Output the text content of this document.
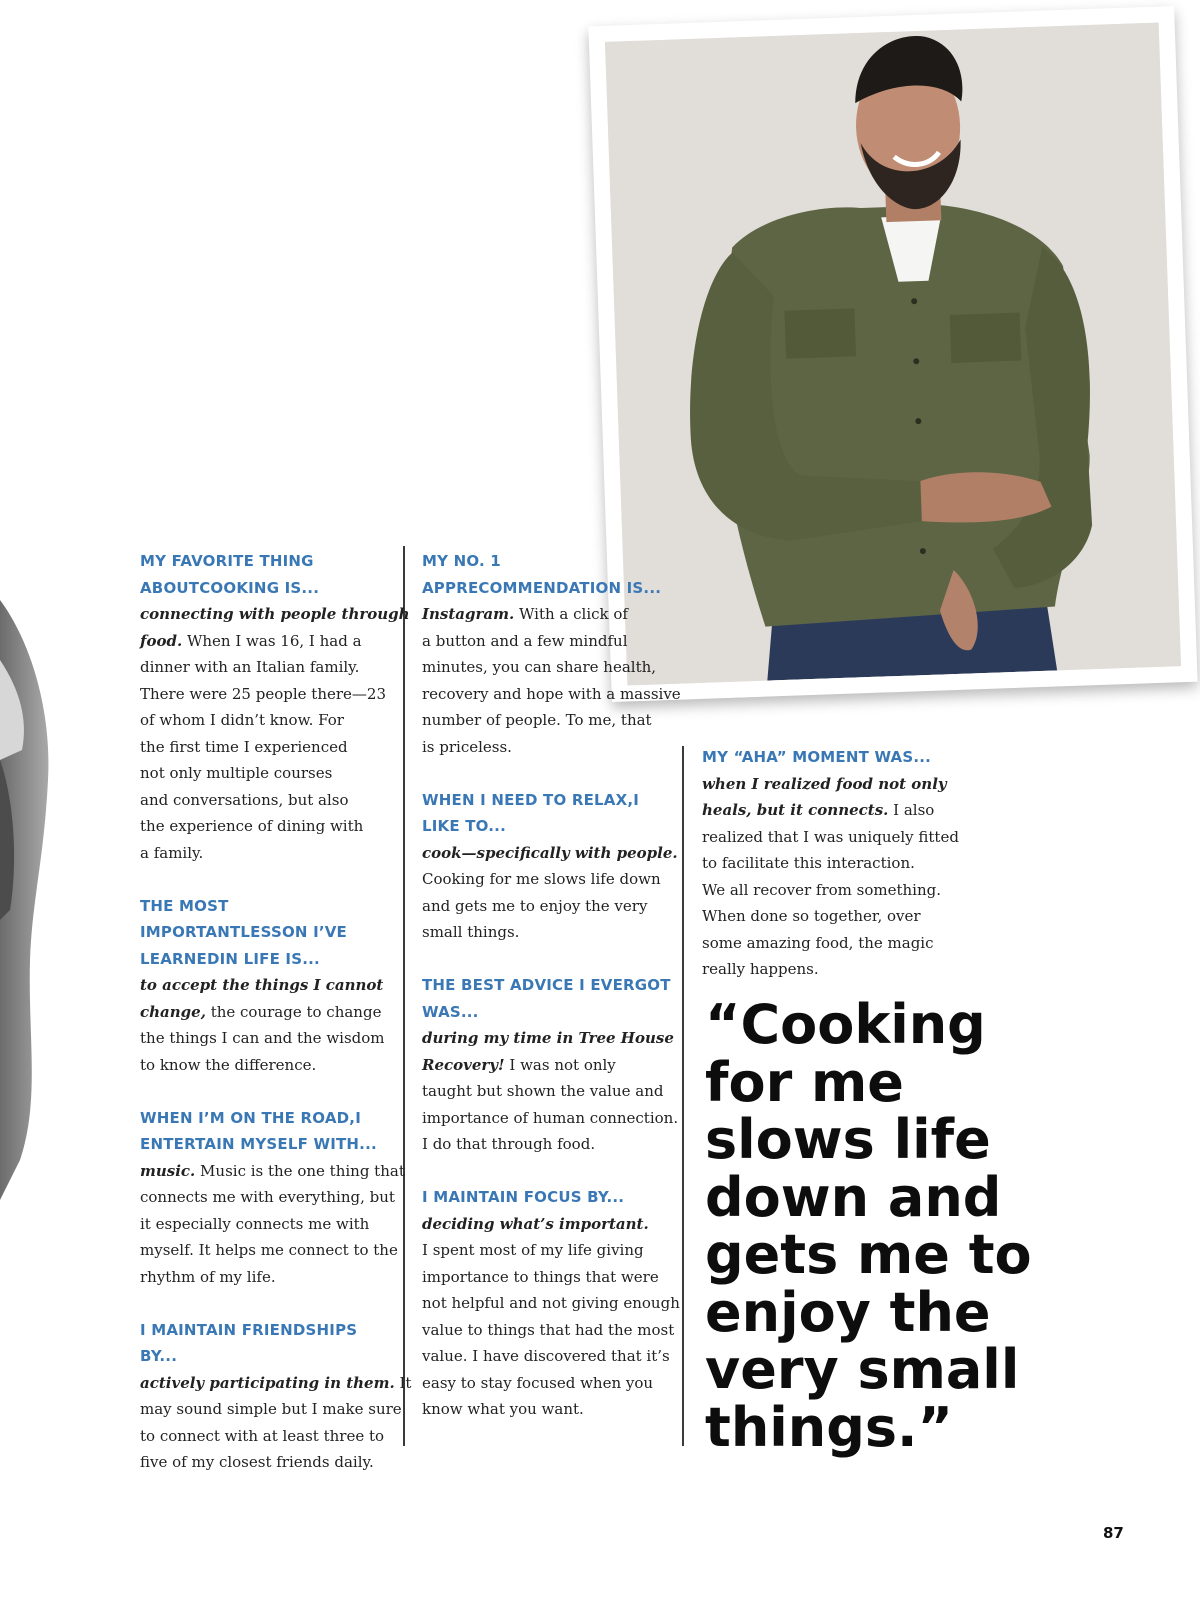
MY FAVORITE THING ABOUTCOOKING IS...

connecting with people through
food. When I was 16, I had a
dinner with an Italian family.
There were 25 people there—23
of whom I didn’t know. For
the first time I experienced
not only multiple courses
and conversations, but also
the experience of dining with
a family.

THE MOST IMPORTANTLESSON I’VE LEARNEDIN LIFE IS...

to accept the things I cannot
change, the courage to change
the things I can and the wisdom
to know the difference.

WHEN I’M ON THE ROAD,I ENTERTAIN MYSELF WITH...

music. Music is the one thing that
connects me with everything, but
it especially connects me with
myself. It helps me connect to the
rhythm of my life.

I MAINTAIN FRIENDSHIPS BY...

actively participating in them. It
may sound simple but I make sure
to connect with at least three to
five of my closest friends daily.

MY NO. 1 APPRECOMMENDATION IS...

Instagram. With a click of
a button and a few mindful
minutes, you can share health,
recovery and hope with a massive
number of people. To me, that
is priceless.

WHEN I NEED TO RELAX,I LIKE TO...

cook—specifically with people.
Cooking for me slows life down
and gets me to enjoy the very
small things.

THE BEST ADVICE I EVERGOT WAS...

during my time in Tree House
Recovery! I was not only
taught but shown the value and
importance of human connection.
I do that through food.

I MAINTAIN FOCUS BY...

deciding what’s important.
I spent most of my life giving
importance to things that were
not helpful and not giving enough
value to things that had the most
value. I have discovered that it’s
easy to stay focused when you
know what you want.

MY “AHA” MOMENT WAS...

when I realized food not only
heals, but it connects. I also
realized that I was uniquely fitted
to facilitate this interaction.
We all recover from something.
When done so together, over
some amazing food, the magic
really happens.

“Cooking
for me
slows life
down and
gets me to
enjoy the
very small
things.”

87
